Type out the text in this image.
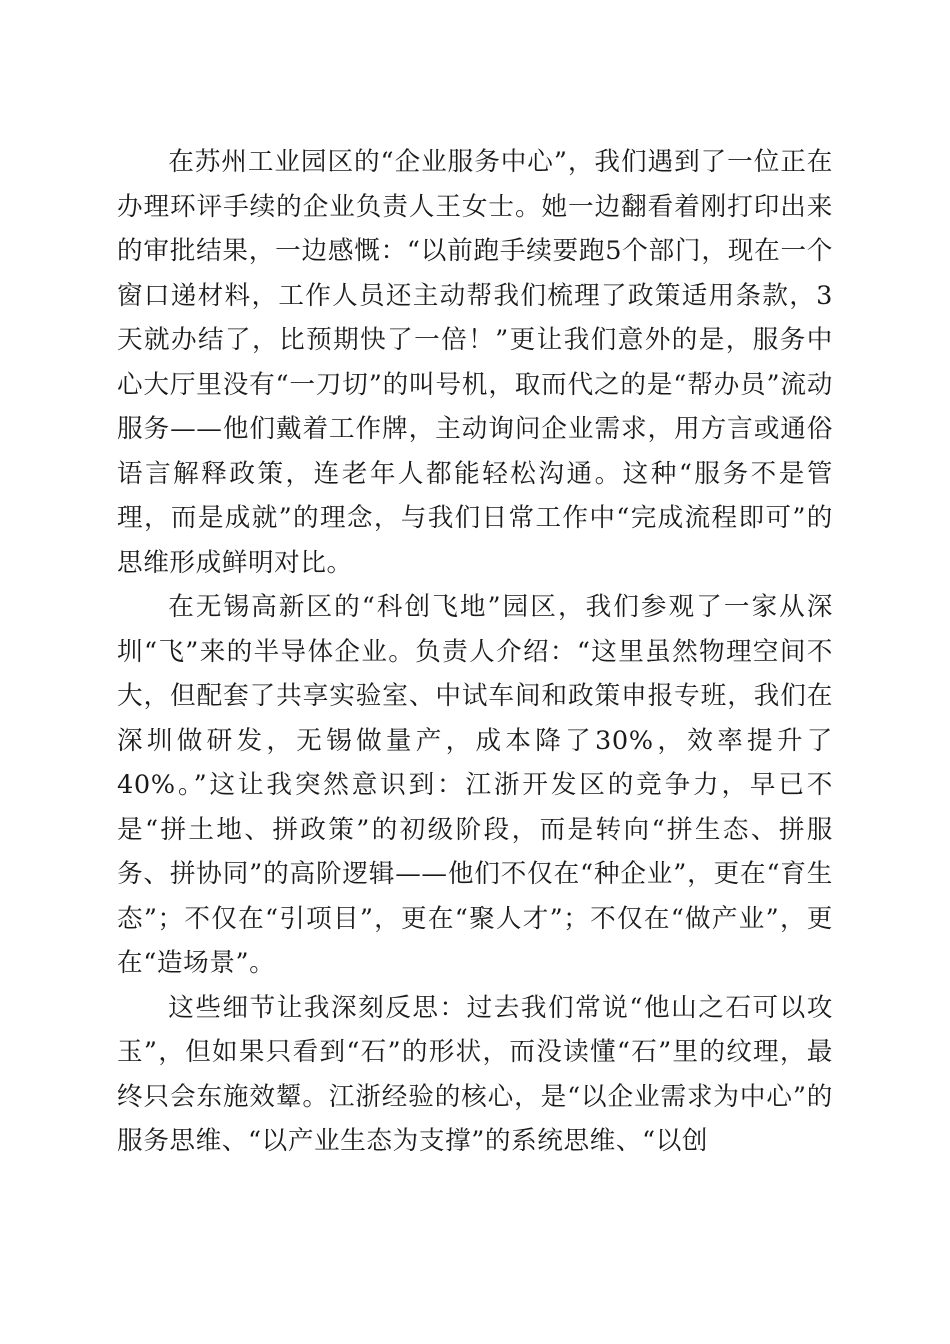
在苏州工业园区的“企业服务中心”，我们遇到了一位正在办理环评手续的企业负责人王女士。她一边翻看着刚打印出来的审批结果，一边感慨：“以前跑手续要跑5个部门，现在一个窗口递材料，工作人员还主动帮我们梳理了政策适用条款，3天就办结了，比预期快了一倍！”更让我们意外的是，服务中心大厅里没有“一刀切”的叫号机，取而代之的是“帮办员”流动服务——他们戴着工作牌，主动询问企业需求，用方言或通俗语言解释政策，连老年人都能轻松沟通。这种“服务不是管理，而是成就”的理念，与我们日常工作中“完成流程即可”的思维形成鲜明对比。

在无锡高新区的“科创飞地”园区，我们参观了一家从深圳“飞”来的半导体企业。负责人介绍：“这里虽然物理空间不大，但配套了共享实验室、中试车间和政策申报专班，我们在深圳做研发，无锡做量产，成本降了30%，效率提升了40%。”这让我突然意识到：江浙开发区的竞争力，早已不是“拼土地、拼政策”的初级阶段，而是转向“拼生态、拼服务、拼协同”的高阶逻辑——他们不仅在“种企业”，更在“育生态”；不仅在“引项目”，更在“聚人才”；不仅在“做产业”，更在“造场景”。

这些细节让我深刻反思：过去我们常说“他山之石可以攻玉”，但如果只看到“石”的形状，而没读懂“石”里的纹理，最终只会东施效颦。江浙经验的核心，是“以企业需求为中心”的服务思维、“以产业生态为支撑”的系统思维、“以创
